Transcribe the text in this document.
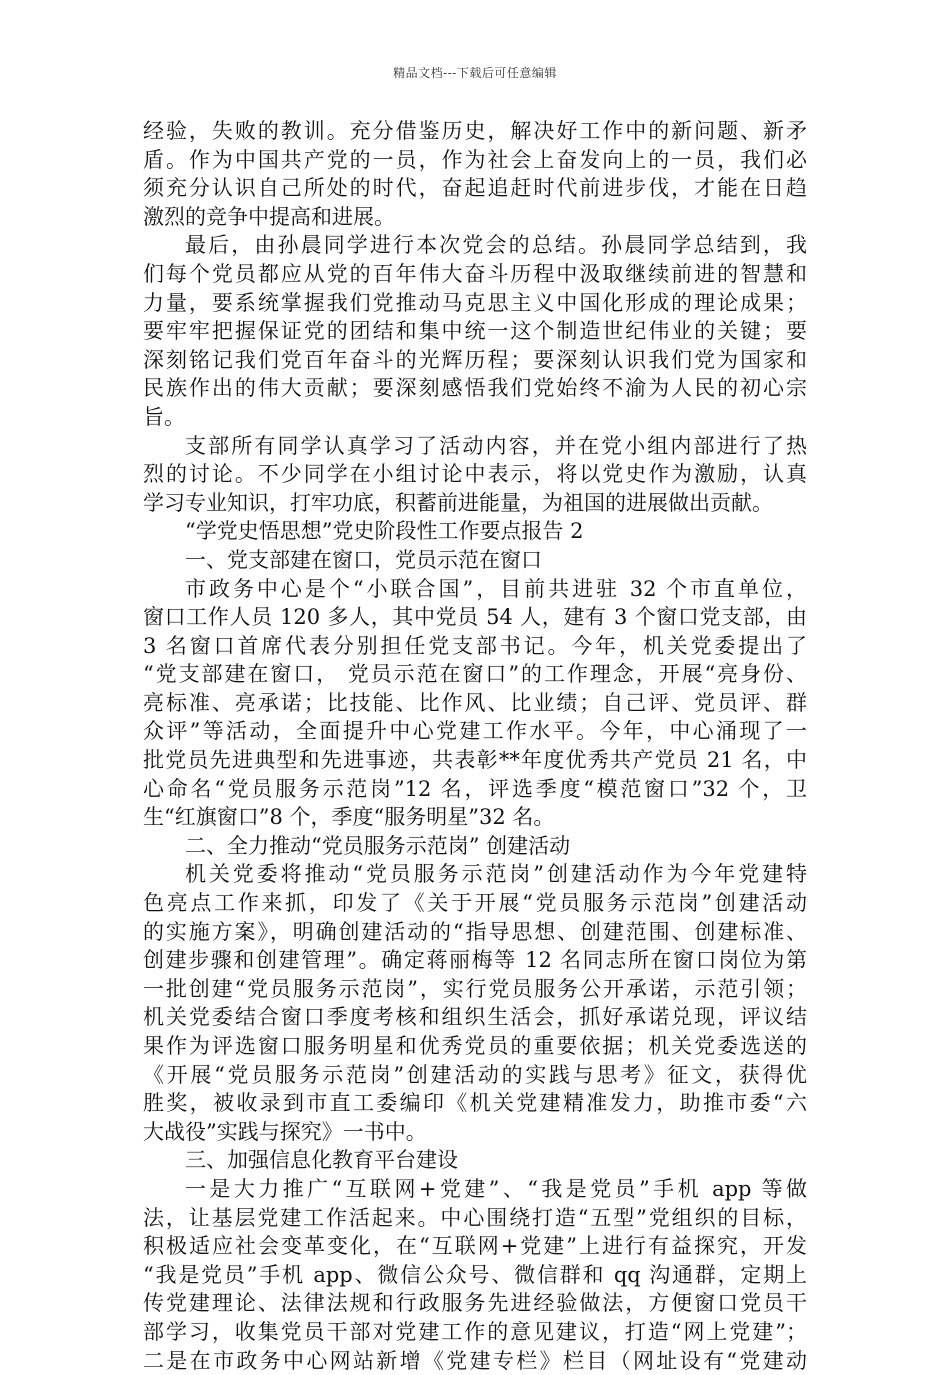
精品文档---下载后可任意编辑
经验，失败的教训。充分借鉴历史，解决好工作中的新问题、新矛
盾。作为中国共产党的一员，作为社会上奋发向上的一员，我们必
须充分认识自己所处的时代，奋起追赶时代前进步伐，才能在日趋
激烈的竞争中提高和进展。
最后，由孙晨同学进行本次党会的总结。孙晨同学总结到，我
们每个党员都应从党的百年伟大奋斗历程中汲取继续前进的智慧和
力量，要系统掌握我们党推动马克思主义中国化形成的理论成果；
要牢牢把握保证党的团结和集中统一这个制造世纪伟业的关键；要
深刻铭记我们党百年奋斗的光辉历程；要深刻认识我们党为国家和
民族作出的伟大贡献；要深刻感悟我们党始终不渝为人民的初心宗
旨。
支部所有同学认真学习了活动内容，并在党小组内部进行了热
烈的讨论。不少同学在小组讨论中表示，将以党史作为激励，认真
学习专业知识，打牢功底，积蓄前进能量，为祖国的进展做出贡献。
“学党史悟思想”党史阶段性工作要点报告 2
一、党支部建在窗口，党员示范在窗口
市政务中心是个“小联合国”，目前共进驻 32 个市直单位，
窗口工作人员 120 多人，其中党员 54 人，建有 3 个窗口党支部，由
3 名窗口首席代表分别担任党支部书记。今年，机关党委提出了
“党支部建在窗口， 党员示范在窗口”的工作理念，开展“亮身份、
亮标准、亮承诺；比技能、比作风、比业绩；自己评、党员评、群
众评”等活动，全面提升中心党建工作水平。今年，中心涌现了一
批党员先进典型和先进事迹，共表彰**年度优秀共产党员 21 名，中
心命名“党员服务示范岗”12 名，评选季度“模范窗口”32 个，卫
生“红旗窗口”8 个，季度“服务明星”32 名。
二、全力推动“党员服务示范岗” 创建活动
机关党委将推动“党员服务示范岗”创建活动作为今年党建特
色亮点工作来抓，印发了《关于开展“党员服务示范岗”创建活动
的实施方案》，明确创建活动的“指导思想、创建范围、创建标准、
创建步骤和创建管理”。确定蒋丽梅等 12 名同志所在窗口岗位为第
一批创建“党员服务示范岗”，实行党员服务公开承诺，示范引领；
机关党委结合窗口季度考核和组织生活会，抓好承诺兑现，评议结
果作为评选窗口服务明星和优秀党员的重要依据；机关党委选送的
《开展“党员服务示范岗”创建活动的实践与思考》征文，获得优
胜奖，被收录到市直工委编印《机关党建精准发力，助推市委“六
大战役”实践与探究》一书中。
三、加强信息化教育平台建设
一是大力推广“互联网+党建”、“我是党员”手机 app 等做
法，让基层党建工作活起来。中心围绕打造“五型”党组织的目标，
积极适应社会变革变化，在“互联网+党建”上进行有益探究，开发
“我是党员”手机 app、微信公众号、微信群和 qq 沟通群，定期上
传党建理论、法律法规和行政服务先进经验做法，方便窗口党员干
部学习，收集党员干部对党建工作的意见建议，打造“网上党建”；
二是在市政务中心网站新增《党建专栏》栏目（网址设有“党建动
